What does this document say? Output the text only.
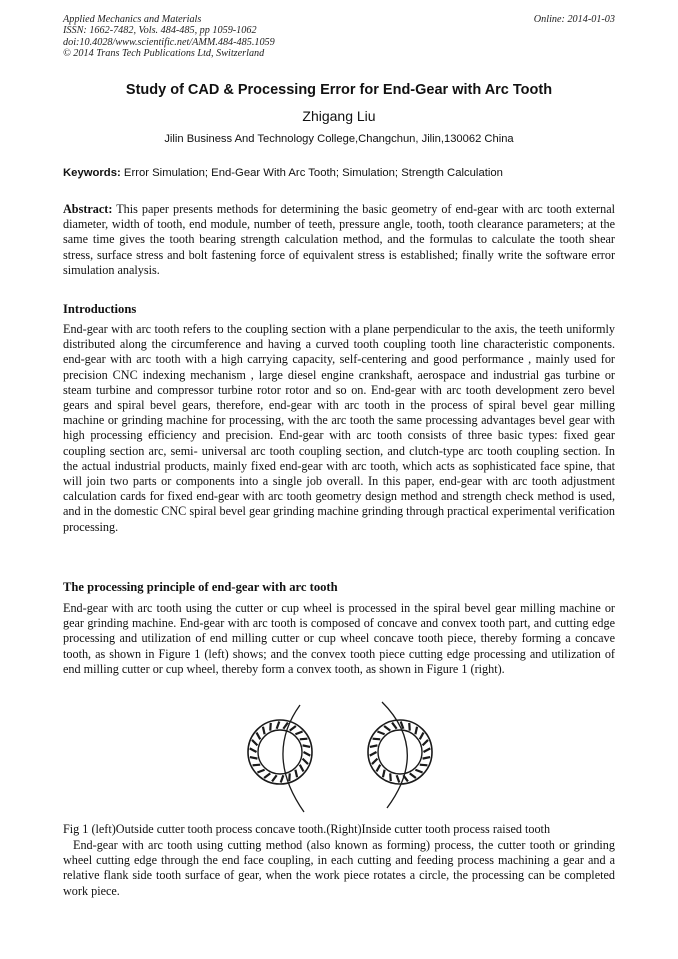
Applied Mechanics and Materials	Online: 2014-01-03
ISSN: 1662-7482, Vols. 484-485, pp 1059-1062
doi:10.4028/www.scientific.net/AMM.484-485.1059
© 2014 Trans Tech Publications Ltd, Switzerland
Study of CAD & Processing Error for End-Gear with Arc Tooth
Zhigang Liu
Jilin Business And Technology College,Changchun, Jilin,130062 China
Keywords: Error Simulation; End-Gear With Arc Tooth; Simulation; Strength Calculation
Abstract: This paper presents methods for determining the basic geometry of end-gear with arc tooth external diameter, width of tooth, end module, number of teeth, pressure angle, tooth, tooth clearance parameters; at the same time gives the tooth bearing strength calculation method, and the formulas to calculate the tooth shear stress, surface stress and bolt fastening force of equivalent stress is established; finally write the software error simulation analysis.
Introductions
End-gear with arc tooth refers to the coupling section with a plane perpendicular to the axis, the teeth uniformly distributed along the circumference and having a curved tooth coupling tooth line characteristic components. end-gear with arc tooth with a high carrying capacity, self-centering and good performance , mainly used for precision CNC indexing mechanism , large diesel engine crankshaft, aerospace and industrial gas turbine or steam turbine and compressor turbine rotor rotor and so on. End-gear with arc tooth development zero bevel gears and spiral bevel gears, therefore, end-gear with arc tooth in the process of spiral bevel gear milling machine or grinding machine for processing, with the arc tooth the same processing advantages bevel gear with high processing efficiency and precision. End-gear with arc tooth consists of three basic types: fixed gear coupling section arc, semi- universal arc tooth coupling section, and clutch-type arc tooth coupling section. In the actual industrial products, mainly fixed end-gear with arc tooth, which acts as sophisticated face spine, that will join two parts or components into a single job overall. In this paper, end-gear with arc tooth adjustment calculation cards for fixed end-gear with arc tooth geometry design method and strength check method is used, and in the domestic CNC spiral bevel gear grinding machine grinding through practical experimental verification processing.
The processing principle of end-gear with arc tooth
End-gear with arc tooth using the cutter or cup wheel is processed in the spiral bevel gear milling machine or gear grinding machine. End-gear with arc tooth is composed of concave and convex tooth part, and cutting edge processing and utilization of end milling cutter or cup wheel concave tooth piece, thereby forming a concave tooth, as shown in Figure 1 (left) shows; and the convex tooth piece cutting edge processing and utilization of end milling cutter or cup wheel, thereby form a convex tooth, as shown in Figure 1 (right).
Fig 1 (left)Outside cutter tooth process concave tooth.(Right)Inside cutter tooth process raised tooth
End-gear with arc tooth using cutting method (also known as forming) process, the cutter tooth or grinding wheel cutting edge through the end face coupling, in each cutting and feeding process machining a gear and a relative flank side tooth surface of gear, when the work piece rotates a circle, the processing can be completed work piece.
